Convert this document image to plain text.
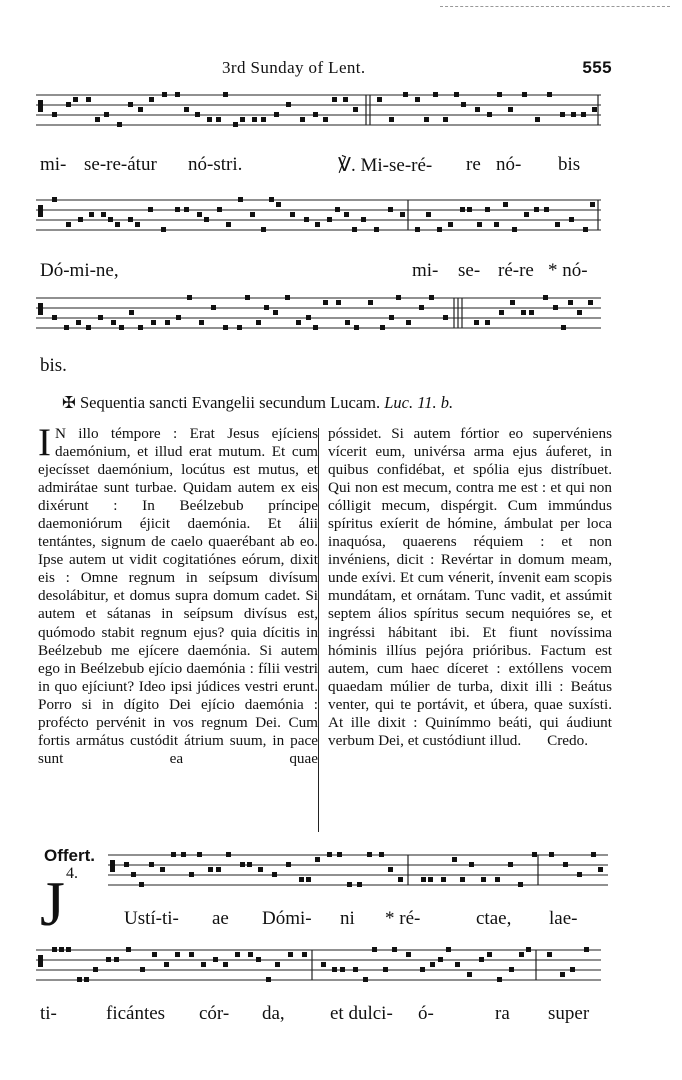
3rd Sunday of Lent.	555
mi- se-re-átur nó-stri.	℣. Mi-se-ré- re nó- bis
Dó-mi-ne,	mi- se- ré-re * nó-
bis.
✠ Sequentia sancti Evangelii secundum Lucam. Luc. 11. b.

I N illo témpore : Erat Jesus ejíciens daemónium, et illud erat mutum. Et cum ejecísset daemónium, locútus est mutus, et admirátae sunt turbae. Quidam autem ex eis dixérunt : In Beélzebub príncipe daemoniórum éjicit daemónia. Et álii tentántes, signum de caelo quaerébant ab eo. Ipse autem ut vidit cogitatiónes eórum, dixit eis : Omne regnum in seípsum divísum desolábitur, et domus supra domum cadet. Si autem et sátanas in seípsum divísus est, quómodo stabit regnum ejus? quia dícitis in Beélzebub me ejícere daemónia. Si autem ego in Beélzebub ejício daemónia : fílii vestri in quo ejíciunt? Ideo ipsi júdices vestri erunt. Porro si in dígito Dei ejício daemónia : profécto pervénit in vos regnum Dei. Cum fortis armátus custódit átrium suum, in pace sunt ea quae

póssidet. Si autem fórtior eo supervéniens vícerit eum, univérsa arma ejus áuferet, in quibus confidébat, et spólia ejus distríbuet. Qui non est mecum, contra me est : et qui non cólligit mecum, dispérgit. Cum immúndus spíritus exíerit de hómine, ámbulat per loca inaquósa, quaerens réquiem : et non invéniens, dicit : Revértar in domum meam, unde exívi. Et cum vénerit, ínvenit eam scopis mundátam, et ornátam. Tunc vadit, et assúmit septem álios spíritus secum nequióres se, et ingréssi hábitant ibi. Et fiunt novíssima hóminis illíus pejóra prióribus. Factum est autem, cum haec díceret : extóllens vocem quaedam múlier de turba, dixit illi : Beátus venter, qui te portávit, et úbera, quae suxísti. At ille dixit : Quinímmo beáti, qui áudiunt verbum Dei, et custódiunt illud. Credo.

Offert.
4.
J	Ustí-ti- ae Dómi- ni * ré-	ctae, lae-
ti-	ficántes cór- da, et dulci- ó-	ra super
